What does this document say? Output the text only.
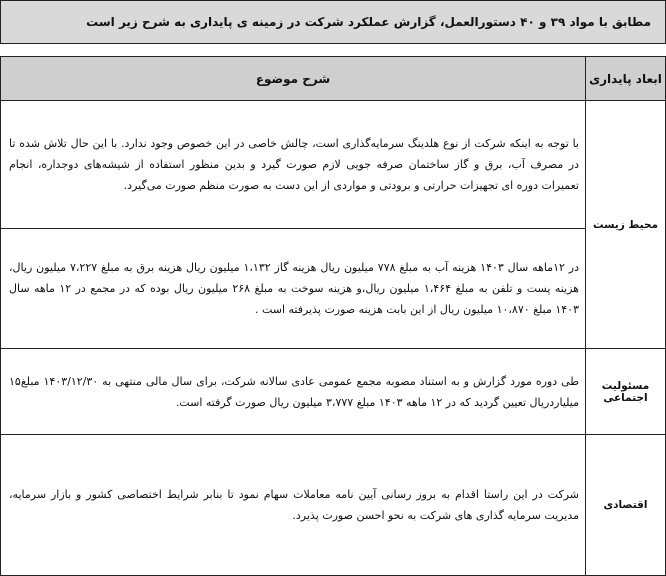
مطابق با مواد ۳۹ و ۴۰ دستورالعمل، گزارش عملکرد شرکت در زمینه ی پایداری به شرح زیر است
ابعاد پایداری	شرح موضوع
محیط زیست	با توجه به اینکه شرکت از نوع هلدینگ سرمایه‌گذاری است، چالش خاصی در این خصوص وجود ندارد. با این حال تلاش شده تا در مصرف آب، برق و گاز ساختمان صرفه جویی لازم صورت گیرد و بدین منظور استفاده از شیشه‌های دوجداره، انجام تعمیرات دوره ای تجهیزات حرارتی و برودتی و مواردی از این دست به صورت منظم صورت می‌گیرد.

	در ۱۲ماهه سال ۱۴۰۳ هزینه آب به مبلغ ۷۷۸ میلیون ریال هزینه گاز ۱،۱۳۲ میلیون ریال هزینه برق به مبلغ ۷،۲۲۷ میلیون ریال، هزینه پست و تلفن به مبلغ ۱،۴۶۴ میلیون ریال،و هزینه سوخت به مبلغ ۲۶۸ میلیون ریال بوده که در مجمع در ۱۲ ماهه سال ۱۴۰۳ مبلغ ۱۰،۸۷۰ میلیون ریال از این بابت هزینه صورت پذیرفته است .

مسئولیت اجتماعی	طی دوره مورد گزارش و به استناد مصوبه مجمع عمومی عادی سالانه شرکت، برای سال مالی منتهی به ۱۴۰۳/۱۲/۳۰ مبلغ۱۵ میلیاردریال تعیین گردید که در ۱۲ ماهه ۱۴۰۳ مبلغ ۳،۷۷۷ میلیون ریال صورت گرفته است.

اقتصادی	شرکت در این راستا اقدام به بروز رسانی آیین نامه معاملات سهام نمود تا بنابر شرایط اختصاصی کشور و بازار سرمایه، مدیریت سرمایه گذاری های شرکت به نحو احسن صورت پذیرد.
